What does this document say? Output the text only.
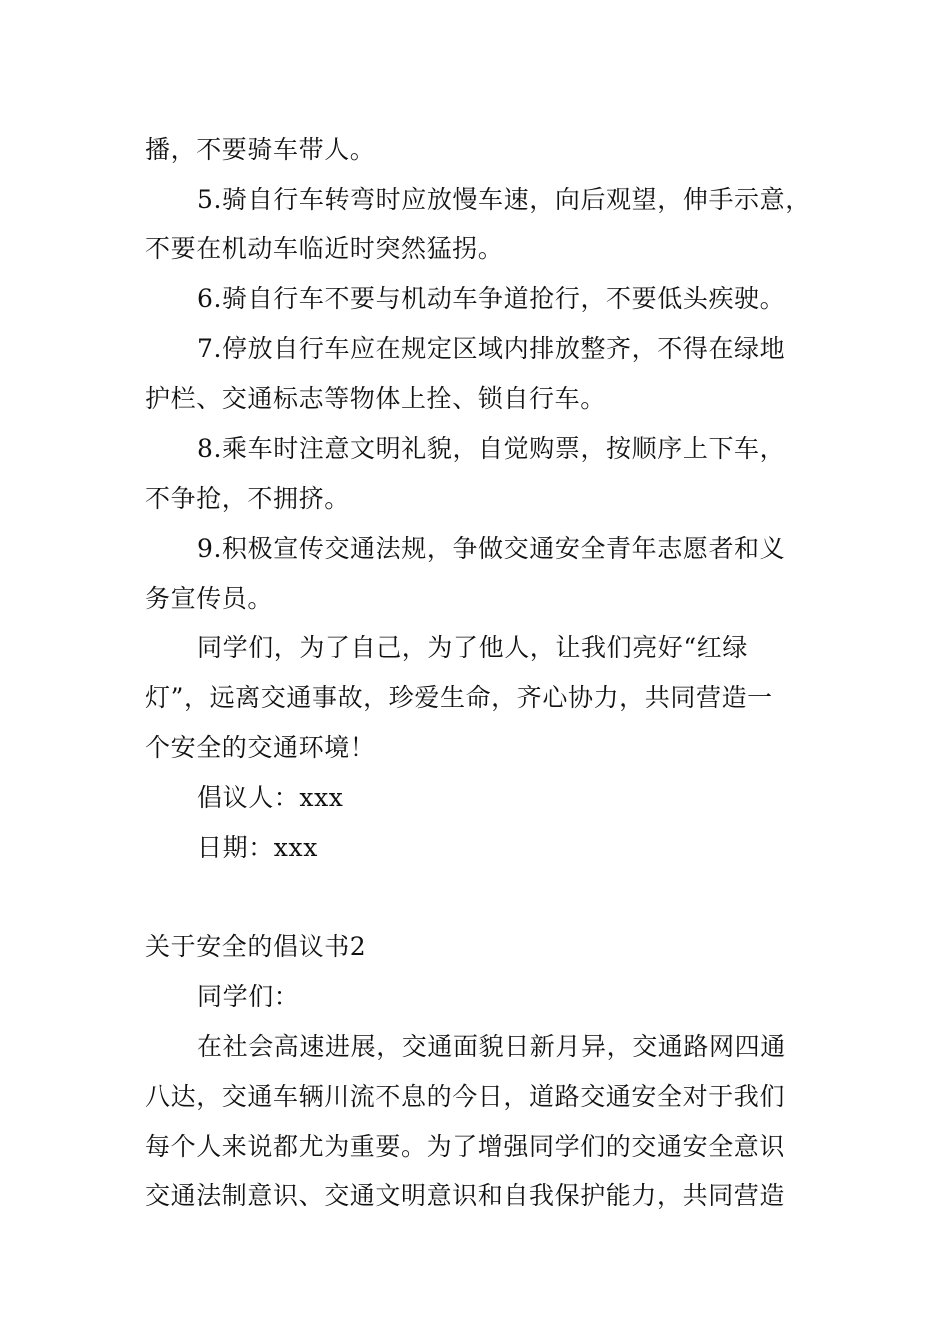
播，不要骑车带人。
5.骑自行车转弯时应放慢车速，向后观望，伸手示意，
不要在机动车临近时突然猛拐。
6.骑自行车不要与机动车争道抢行，不要低头疾驶。
7.停放自行车应在规定区域内排放整齐，不得在绿地
护栏、交通标志等物体上拴、锁自行车。
8.乘车时注意文明礼貌，自觉购票，按顺序上下车，
不争抢，不拥挤。
9.积极宣传交通法规，争做交通安全青年志愿者和义
务宣传员。
同学们，为了自己，为了他人，让我们亮好“红绿
灯”，远离交通事故，珍爱生命，齐心协力，共同营造一
个安全的交通环境！
倡议人：xxx
日期：xxx
关于安全的倡议书2
同学们：
在社会高速进展，交通面貌日新月异，交通路网四通
八达，交通车辆川流不息的今日，道路交通安全对于我们
每个人来说都尤为重要。为了增强同学们的交通安全意识
交通法制意识、交通文明意识和自我保护能力，共同营造
